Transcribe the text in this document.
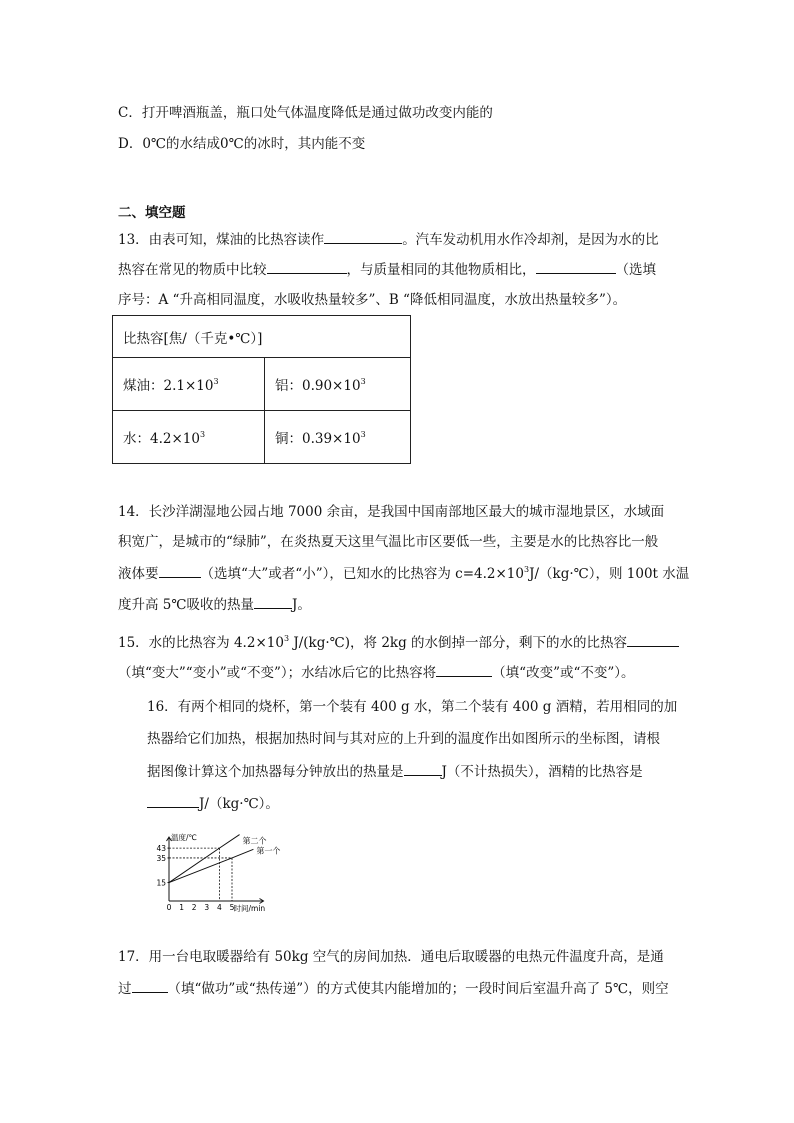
C．打开啤酒瓶盖，瓶口处气体温度降低是通过做功改变内能的
D．0℃的水结成0℃的冰时，其内能不变
二、填空题
13．由表可知，煤油的比热容读作	。汽车发动机用水作冷却剂，是因为水的比
热容在常见的物质中比较	，与质量相同的其他物质相比，	（选填
序号：A “升高相同温度，水吸收热量较多”、B “降低相同温度，水放出热量较多”）。
比热容[焦/（千克•℃）]	
煤油：$2.1\times 10^3$	铝：$0.90\times 10^3$
水：$4.2\times 10^3$	铜：$0.39\times 10^3$
14．长沙洋湖湿地公园占地 7000 余亩，是我国中国南部地区最大的城市湿地景区，水域面
积宽广，是城市的“绿肺”，在炎热夏天这里气温比市区要低一些，主要是水的比热容比一般
液体要	（选填“大”或者“小”），已知水的比热容为 $c=4.2\times 10^3J/(kg\cdot℃)$，则 100t 水温
度升高 5℃吸收的热量	J。
15．水的比热容为 $4.2\times 10^3$ J/(kg·℃)，将 2kg 的水倒掉一部分，剩下的水的比热容
（填“变大”“变小”或“不变”）；水结冰后它的比热容将	（填“改变”或“不变”）。
16．有两个相同的烧杯，第一个装有 400 g 水，第二个装有 400 g 酒精，若用相同的加
热器给它们加热，根据加热时间与其对应的上升到的温度作出如图所示的坐标图，请根
据图像计算这个加热器每分钟放出的热量是	J（不计热损失），酒精的比热容是
J/（kg·℃）。
温度/℃
时间/min
0 1 2 3 4 5
15
35
43
第二个
第一个
17．用一台电取暖器给有 50kg 空气的房间加热．通电后取暖器的电热元件温度升高，是通
过	（填“做功”或“热传递”）的方式使其内能增加的；一段时间后室温升高了 5℃，则空
